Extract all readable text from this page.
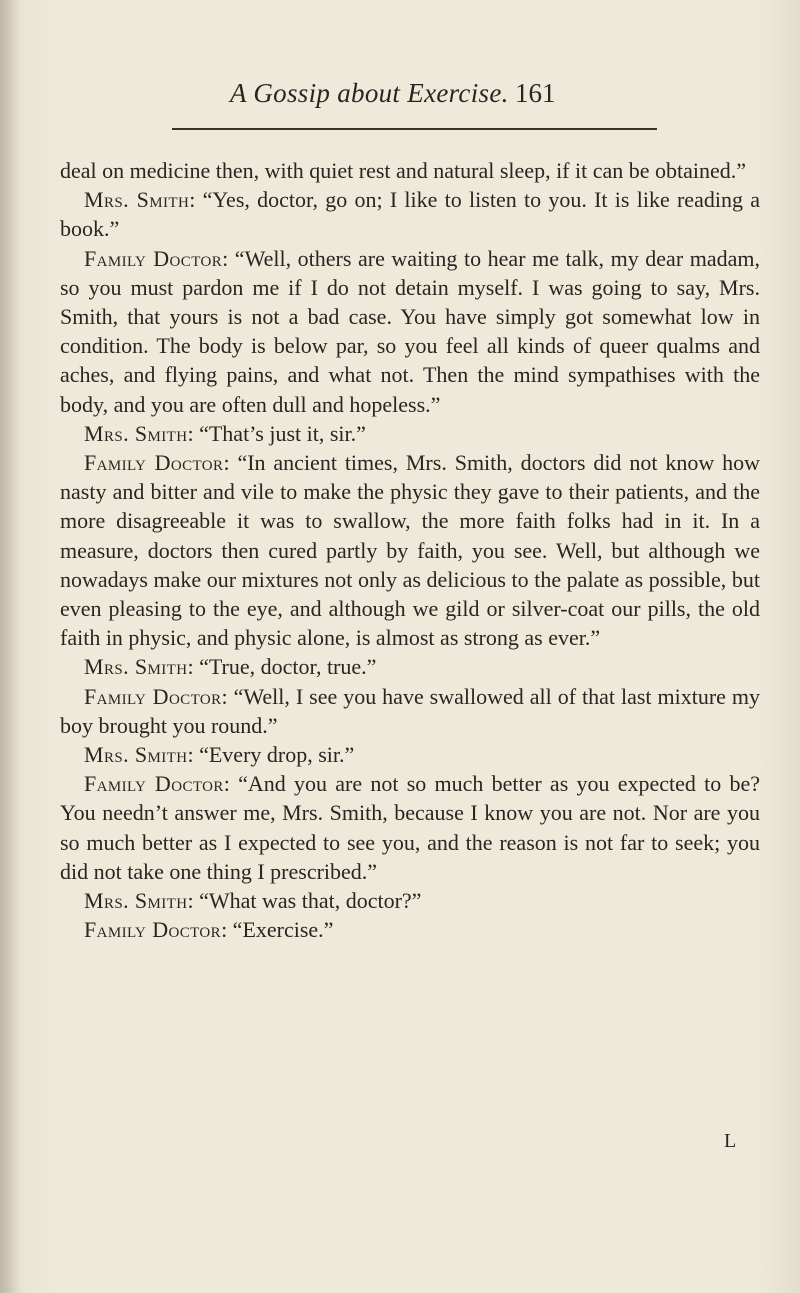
A Gossip about Exercise. 161

deal on medicine then, with quiet rest and natural sleep, if it can be obtained.”

Mrs. Smith: “Yes, doctor, go on; I like to listen to you. It is like reading a book.”

Family Doctor: “Well, others are waiting to hear me talk, my dear madam, so you must pardon me if I do not detain myself. I was going to say, Mrs. Smith, that yours is not a bad case. You have simply got somewhat low in condition. The body is below par, so you feel all kinds of queer qualms and aches, and flying pains, and what not. Then the mind sympathises with the body, and you are often dull and hopeless.”

Mrs. Smith: “That’s just it, sir.”

Family Doctor: “In ancient times, Mrs. Smith, doctors did not know how nasty and bitter and vile to make the physic they gave to their patients, and the more disagreeable it was to swallow, the more faith folks had in it. In a measure, doctors then cured partly by faith, you see. Well, but although we nowadays make our mixtures not only as delicious to the palate as possible, but even pleasing to the eye, and although we gild or silver-coat our pills, the old faith in physic, and physic alone, is almost as strong as ever.”

Mrs. Smith: “True, doctor, true.”

Family Doctor: “Well, I see you have swallowed all of that last mixture my boy brought you round.”

Mrs. Smith: “Every drop, sir.”

Family Doctor: “And you are not so much better as you expected to be? You needn’t answer me, Mrs. Smith, because I know you are not. Nor are you so much better as I expected to see you, and the reason is not far to seek; you did not take one thing I prescribed.”

Mrs. Smith: “What was that, doctor?”

Family Doctor: “Exercise.”

L
